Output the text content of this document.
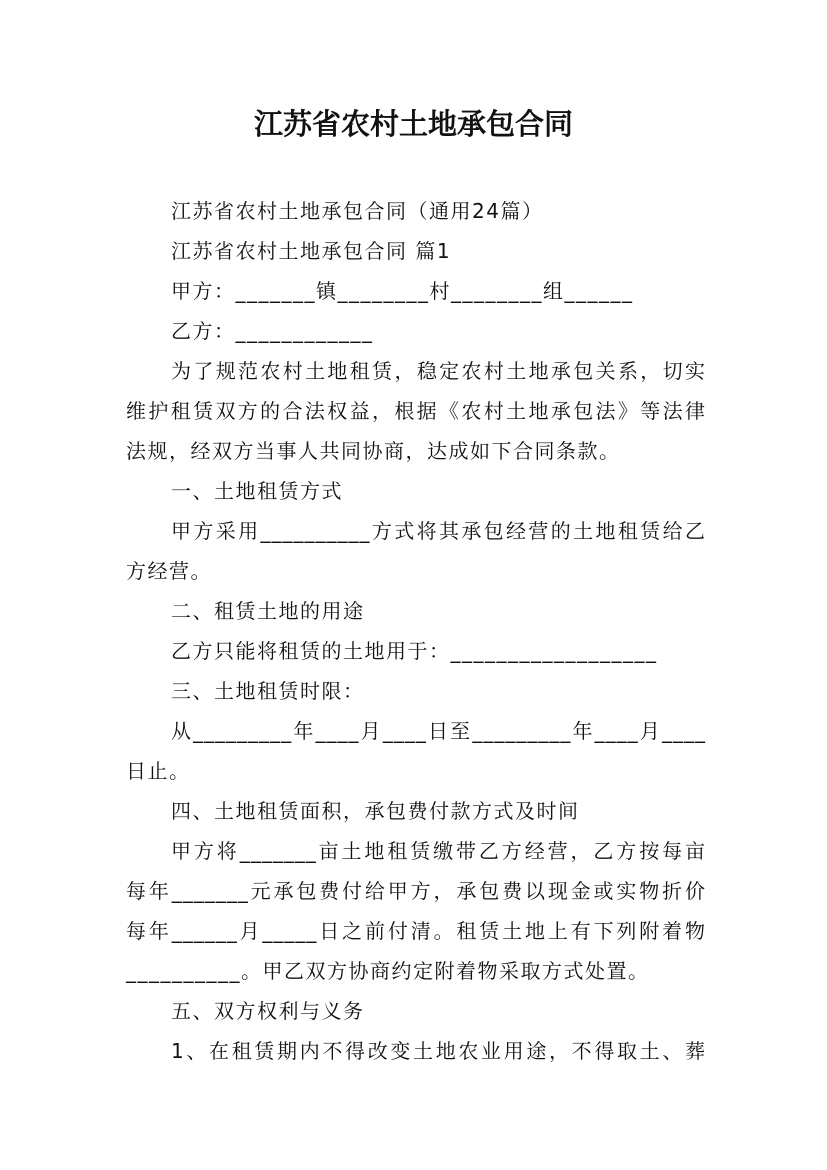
江苏省农村土地承包合同

江苏省农村土地承包合同（通用24篇）

江苏省农村土地承包合同 篇1

甲方：_______镇________村________组______

乙方：____________

为了规范农村土地租赁，稳定农村土地承包关系，切实

维护租赁双方的合法权益，根据《农村土地承包法》等法律

法规，经双方当事人共同协商，达成如下合同条款。

一、土地租赁方式

甲方采用__________方式将其承包经营的土地租赁给乙

方经营。

二、租赁土地的用途

乙方只能将租赁的土地用于：__________________

三、土地租赁时限：

从_________年____月____日至_________年____月____

日止。

四、土地租赁面积，承包费付款方式及时间

甲方将_______亩土地租赁缴带乙方经营，乙方按每亩

每年_______元承包费付给甲方，承包费以现金或实物折价

每年______月_____日之前付清。租赁土地上有下列附着物

__________。甲乙双方协商约定附着物采取方式处置。

五、双方权利与义务

1、在租赁期内不得改变土地农业用途，不得取土、葬
